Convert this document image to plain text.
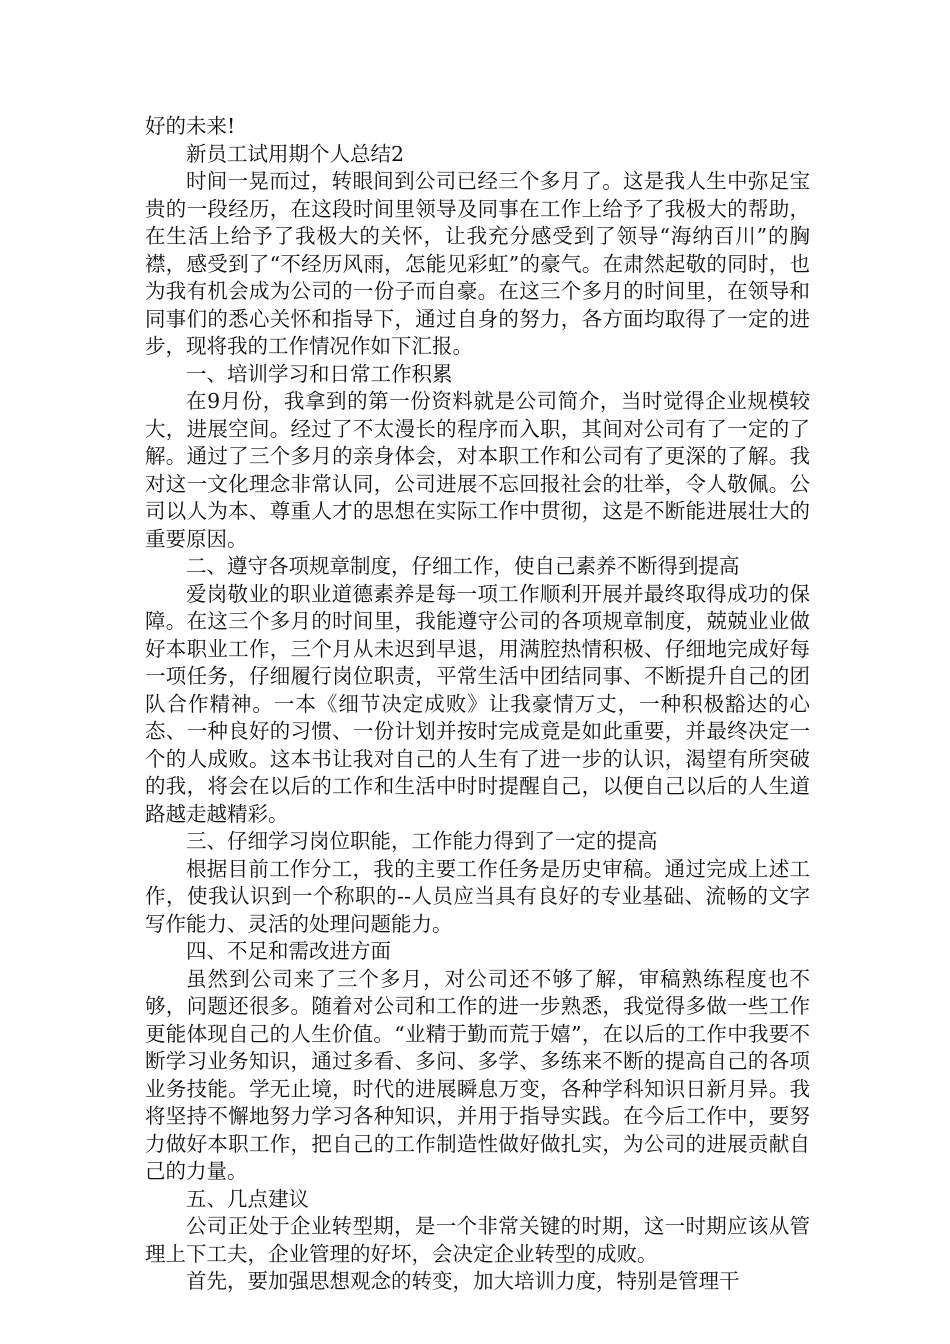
好的未来!

新员工试用期个人总结2

时间一晃而过，转眼间到公司已经三个多月了。这是我人生中弥足宝贵的一段经历，在这段时间里领导及同事在工作上给予了我极大的帮助，在生活上给予了我极大的关怀，让我充分感受到了领导“海纳百川”的胸襟，感受到了“不经历风雨，怎能见彩虹”的豪气。在肃然起敬的同时，也为我有机会成为公司的一份子而自豪。在这三个多月的时间里，在领导和同事们的悉心关怀和指导下，通过自身的努力，各方面均取得了一定的进步，现将我的工作情况作如下汇报。

一、培训学习和日常工作积累

在9月份，我拿到的第一份资料就是公司简介，当时觉得企业规模较大，进展空间。经过了不太漫长的程序而入职，其间对公司有了一定的了解。通过了三个多月的亲身体会，对本职工作和公司有了更深的了解。我对这一文化理念非常认同，公司进展不忘回报社会的壮举，令人敬佩。公司以人为本、尊重人才的思想在实际工作中贯彻，这是不断能进展壮大的重要原因。

二、遵守各项规章制度，仔细工作，使自己素养不断得到提高

爱岗敬业的职业道德素养是每一项工作顺利开展并最终取得成功的保障。在这三个多月的时间里，我能遵守公司的各项规章制度，兢兢业业做好本职业工作，三个月从未迟到早退，用满腔热情积极、仔细地完成好每一项任务，仔细履行岗位职责，平常生活中团结同事、不断提升自己的团队合作精神。一本《细节决定成败》让我豪情万丈，一种积极豁达的心态、一种良好的习惯、一份计划并按时完成竟是如此重要，并最终决定一个的人成败。这本书让我对自己的人生有了进一步的认识，渴望有所突破的我，将会在以后的工作和生活中时时提醒自己，以便自己以后的人生道路越走越精彩。

三、仔细学习岗位职能，工作能力得到了一定的提高

根据目前工作分工，我的主要工作任务是历史审稿。通过完成上述工作，使我认识到一个称职的--人员应当具有良好的专业基础、流畅的文字写作能力、灵活的处理问题能力。

四、不足和需改进方面

虽然到公司来了三个多月，对公司还不够了解，审稿熟练程度也不够，问题还很多。随着对公司和工作的进一步熟悉，我觉得多做一些工作更能体现自己的人生价值。“业精于勤而荒于嬉”，在以后的工作中我要不断学习业务知识，通过多看、多问、多学、多练来不断的提高自己的各项业务技能。学无止境，时代的进展瞬息万变，各种学科知识日新月异。我将坚持不懈地努力学习各种知识，并用于指导实践。在今后工作中，要努力做好本职工作，把自己的工作制造性做好做扎实，为公司的进展贡献自己的力量。

五、几点建议

公司正处于企业转型期，是一个非常关键的时期，这一时期应该从管理上下工夫，企业管理的好坏，会决定企业转型的成败。

首先，要加强思想观念的转变，加大培训力度，特别是管理干
